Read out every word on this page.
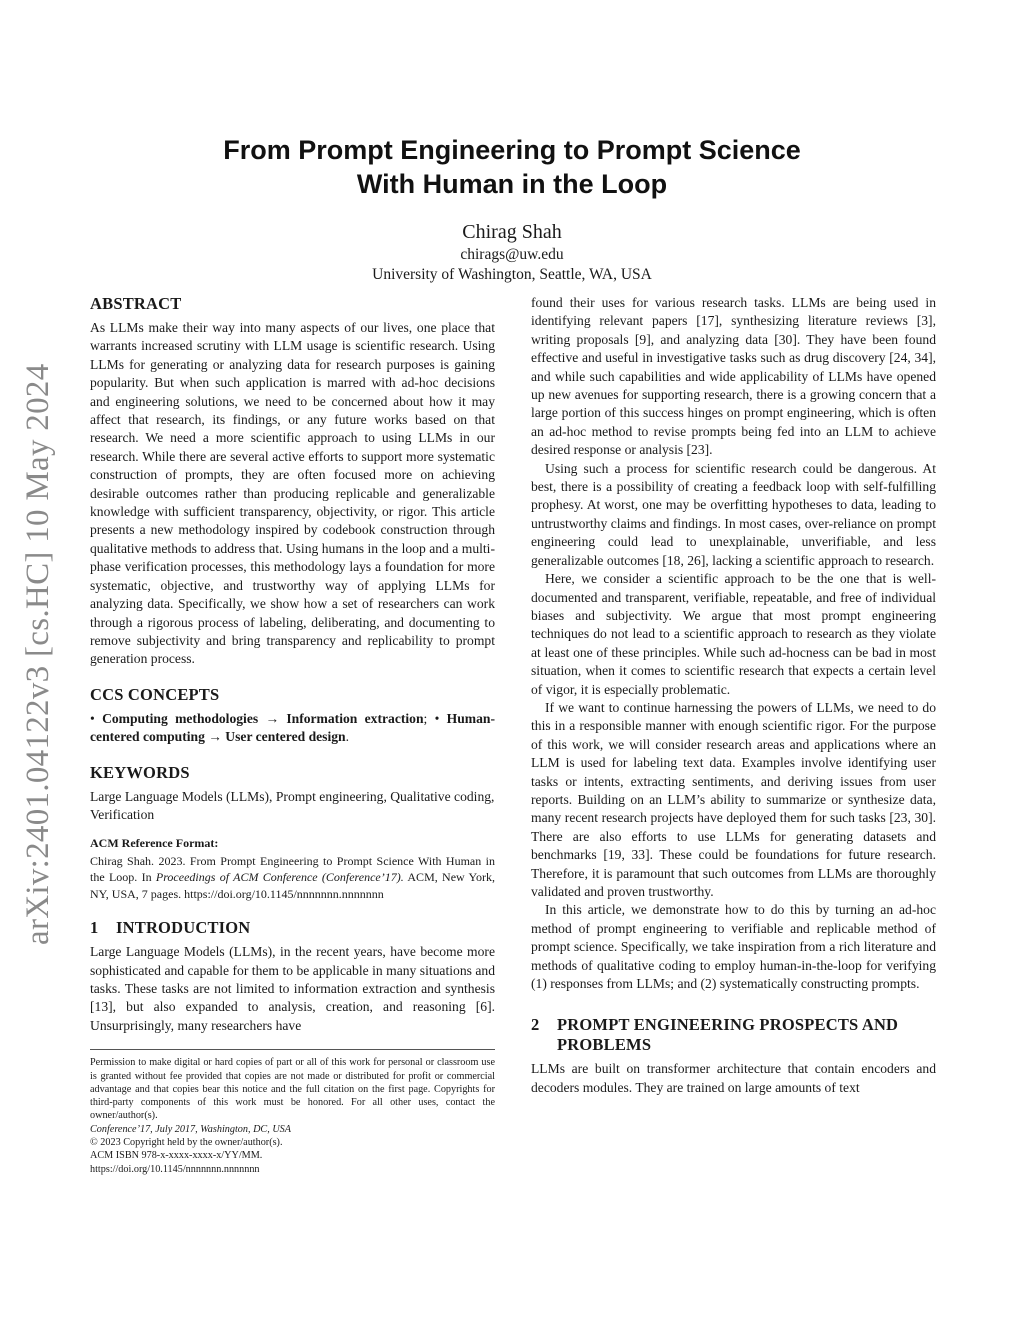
arXiv:2401.04122v3 [cs.HC] 10 May 2024
From Prompt Engineering to Prompt Science
With Human in the Loop
Chirag Shah
chirags@uw.edu
University of Washington, Seattle, WA, USA
ABSTRACT

As LLMs make their way into many aspects of our lives, one place that warrants increased scrutiny with LLM usage is scientific research. Using LLMs for generating or analyzing data for research purposes is gaining popularity. But when such application is marred with ad-hoc decisions and engineering solutions, we need to be concerned about how it may affect that research, its findings, or any future works based on that research. We need a more scientific approach to using LLMs in our research. While there are several active efforts to support more systematic construction of prompts, they are often focused more on achieving desirable outcomes rather than producing replicable and generalizable knowledge with sufficient transparency, objectivity, or rigor. This article presents a new methodology inspired by codebook construction through qualitative methods to address that. Using humans in the loop and a multi-phase verification processes, this methodology lays a foundation for more systematic, objective, and trustworthy way of applying LLMs for analyzing data. Specifically, we show how a set of researchers can work through a rigorous process of labeling, deliberating, and documenting to remove subjectivity and bring transparency and replicability to prompt generation process.

CCS CONCEPTS

• Computing methodologies → Information extraction; • Human-centered computing → User centered design.

KEYWORDS

Large Language Models (LLMs), Prompt engineering, Qualitative coding, Verification

ACM Reference Format:

Chirag Shah. 2023. From Prompt Engineering to Prompt Science With Human in the Loop. In Proceedings of ACM Conference (Conference’17). ACM, New York, NY, USA, 7 pages. https://doi.org/10.1145/nnnnnnn.nnnnnnn

1 INTRODUCTION

Large Language Models (LLMs), in the recent years, have become more sophisticated and capable for them to be applicable in many situations and tasks. These tasks are not limited to information extraction and synthesis [13], but also expanded to analysis, creation, and reasoning [6]. Unsurprisingly, many researchers have

Permission to make digital or hard copies of part or all of this work for personal or classroom use is granted without fee provided that copies are not made or distributed for profit or commercial advantage and that copies bear this notice and the full citation on the first page. Copyrights for third-party components of this work must be honored. For all other uses, contact the owner/author(s).

Conference’17, July 2017, Washington, DC, USA
© 2023 Copyright held by the owner/author(s).
ACM ISBN 978-x-xxxx-xxxx-x/YY/MM.
https://doi.org/10.1145/nnnnnnn.nnnnnnn

found their uses for various research tasks. LLMs are being used in identifying relevant papers [17], synthesizing literature reviews [3], writing proposals [9], and analyzing data [30]. They have been found effective and useful in investigative tasks such as drug discovery [24, 34], and while such capabilities and wide applicability of LLMs have opened up new avenues for supporting research, there is a growing concern that a large portion of this success hinges on prompt engineering, which is often an ad-hoc method to revise prompts being fed into an LLM to achieve desired response or analysis [23].

Using such a process for scientific research could be dangerous. At best, there is a possibility of creating a feedback loop with self-fulfilling prophesy. At worst, one may be overfitting hypotheses to data, leading to untrustworthy claims and findings. In most cases, over-reliance on prompt engineering could lead to unexplainable, unverifiable, and less generalizable outcomes [18, 26], lacking a scientific approach to research.

Here, we consider a scientific approach to be the one that is well-documented and transparent, verifiable, repeatable, and free of individual biases and subjectivity. We argue that most prompt engineering techniques do not lead to a scientific approach to research as they violate at least one of these principles. While such ad-hocness can be bad in most situation, when it comes to scientific research that expects a certain level of vigor, it is especially problematic.

If we want to continue harnessing the powers of LLMs, we need to do this in a responsible manner with enough scientific rigor. For the purpose of this work, we will consider research areas and applications where an LLM is used for labeling text data. Examples involve identifying user tasks or intents, extracting sentiments, and deriving issues from user reports. Building on an LLM’s ability to summarize or synthesize data, many recent research projects have deployed them for such tasks [23, 30]. There are also efforts to use LLMs for generating datasets and benchmarks [19, 33]. These could be foundations for future research. Therefore, it is paramount that such outcomes from LLMs are thoroughly validated and proven trustworthy.

In this article, we demonstrate how to do this by turning an ad-hoc method of prompt engineering to verifiable and replicable method of prompt science. Specifically, we take inspiration from a rich literature and methods of qualitative coding to employ human-in-the-loop for verifying (1) responses from LLMs; and (2) systematically constructing prompts.

2	PROMPT ENGINEERING PROSPECTS AND
PROBLEMS

LLMs are built on transformer architecture that contain encoders and decoders modules. They are trained on large amounts of text
